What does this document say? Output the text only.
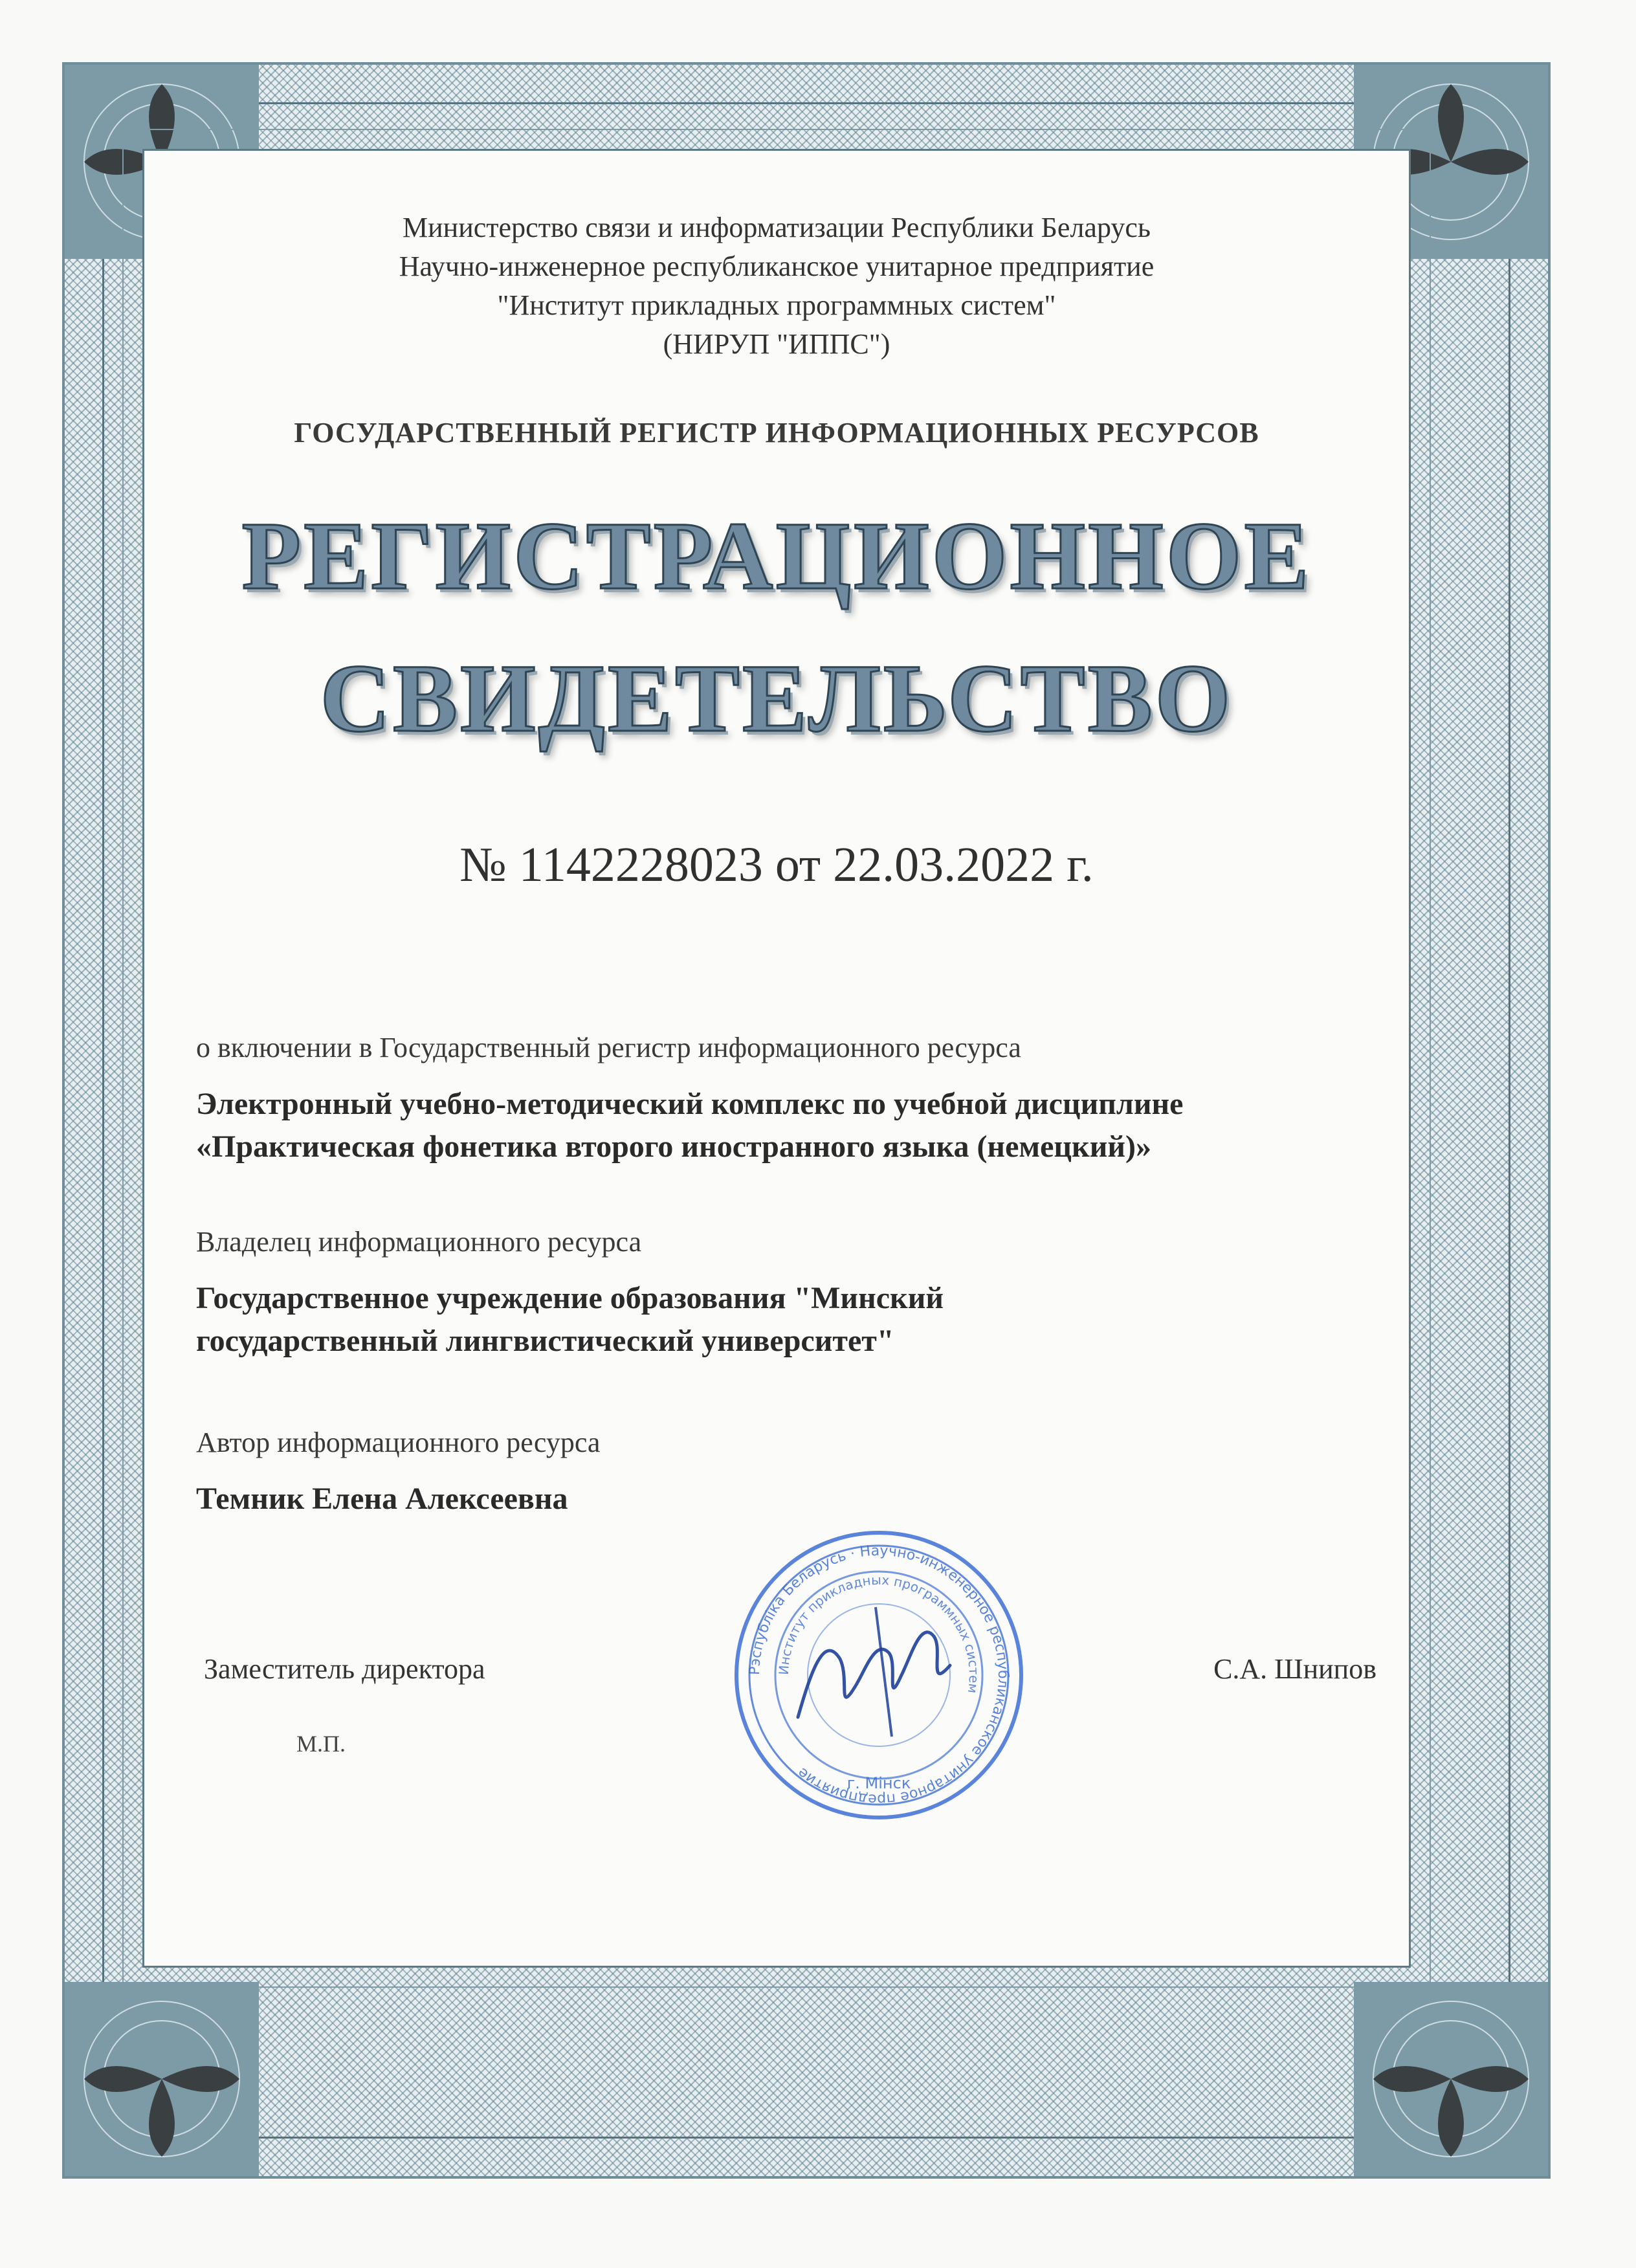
Министерство связи и информатизации Республики Беларусь
Научно-инженерное республиканское унитарное предприятие
"Институт прикладных программных систем"
(НИРУП "ИППС")
ГОСУДАРСТВЕННЫЙ РЕГИСТР ИНФОРМАЦИОННЫХ РЕСУРСОВ
РЕГИСТРАЦИОННОЕ
СВИДЕТЕЛЬСТВО
№ 1142228023 от 22.03.2022 г.
о включении в Государственный регистр информационного ресурса
Электронный учебно-методический комплекс по учебной дисциплине
«Практическая фонетика второго иностранного языка (немецкий)»
Владелец информационного ресурса
Государственное учреждение образования "Минский
государственный лингвистический университет"
Автор информационного ресурса
Темник Елена Алексеевна
Заместитель директора	С.А. Шнипов
М.П.
Рэспубліка Беларусь · Научно-инженерное республиканское унитарное предприятие
Институт прикладных программных систем
г. Мінск
